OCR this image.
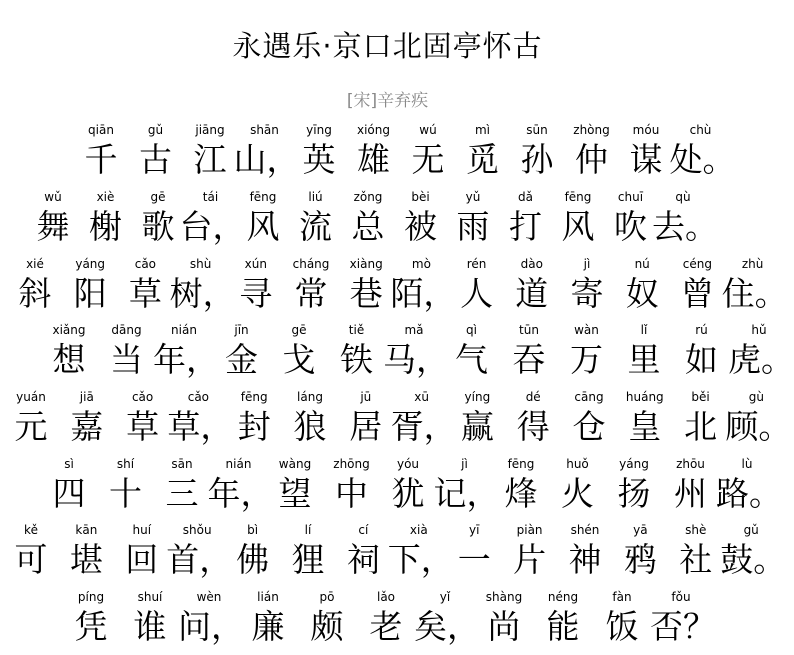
永遇乐·京口北固亭怀古
[宋]辛弃疾
qiān
千
gǔ
古
jiāng
江
shān
山，
yīng
英
xióng
雄
wú
无
mì
觅
sūn
孙
zhòng
仲
móu
谋
chù
处。
wǔ
舞
xiè
榭
gē
歌
tái
台，
fēng
风
liú
流
zǒng
总
bèi
被
yǔ
雨
dǎ
打
fēng
风
chuī
吹
qù
去。
xié
斜
yáng
阳
cǎo
草
shù
树，
xún
寻
cháng
常
xiàng
巷
mò
陌，
rén
人
dào
道
jì
寄
nú
奴
céng
曾
zhù
住。
xiǎng
想
dāng
当
nián
年，
jīn
金
gē
戈
tiě
铁
mǎ
马，
qì
气
tūn
吞
wàn
万
lǐ
里
rú
如
hǔ
虎。
yuán
元
jiā
嘉
cǎo
草
cǎo
草，
fēng
封
láng
狼
jū
居
xū
胥，
yíng
赢
dé
得
cāng
仓
huáng
皇
běi
北
gù
顾。
sì
四
shí
十
sān
三
nián
年，
wàng
望
zhōng
中
yóu
犹
jì
记，
fēng
烽
huǒ
火
yáng
扬
zhōu
州
lù
路。
kě
可
kān
堪
huí
回
shǒu
首，
bì
佛
lí
狸
cí
祠
xià
下，
yī
一
piàn
片
shén
神
yā
鸦
shè
社
gǔ
鼓。
píng
凭
shuí
谁
wèn
问，
lián
廉
pō
颇
lǎo
老
yǐ
矣，
shàng
尚
néng
能
fàn
饭
fǒu
否？
